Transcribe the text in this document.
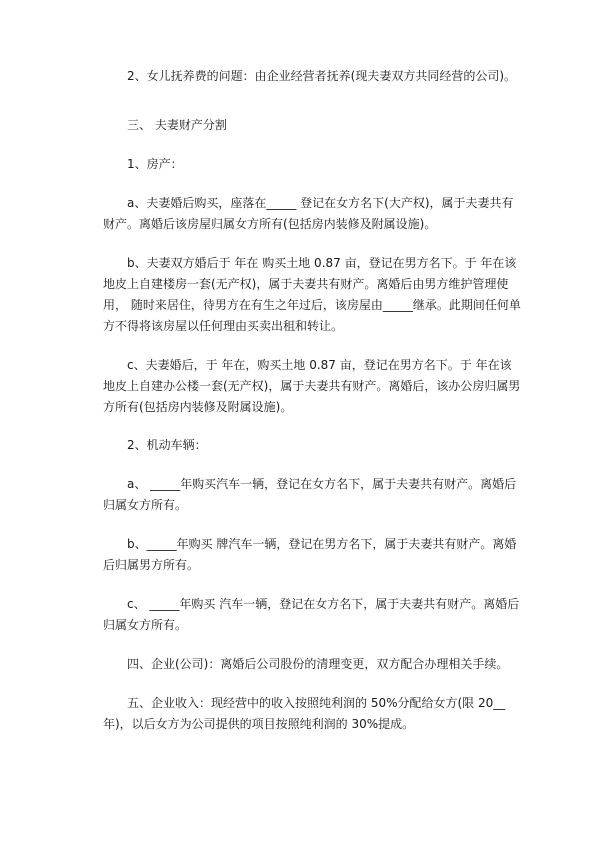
2、女儿抚养费的问题：由企业经营者抚养(现夫妻双方共同经营的公司)。

三、 夫妻财产分割

1、房产：

a、夫妻婚后购买，座落在_____ 登记在女方名下(大产权)，属于夫妻共有财产。离婚后该房屋归属女方所有(包括房内装修及附属设施)。

b、夫妻双方婚后于 年在 购买土地 0.87 亩，登记在男方名下。于 年在该地皮上自建楼房一套(无产权)，属于夫妻共有财产。离婚后由男方维护管理使用， 随时来居住，待男方在有生之年过后，该房屋由_____继承。此期间任何单方不得将该房屋以任何理由买卖出租和转让。

c、夫妻婚后，于 年在，购买土地 0.87 亩，登记在男方名下。于 年在该地皮上自建办公楼一套(无产权)，属于夫妻共有财产。离婚后，该办公房归属男方所有(包括房内装修及附属设施)。

2、机动车辆：

a、 _____年购买汽车一辆，登记在女方名下，属于夫妻共有财产。离婚后归属女方所有。

b、_____年购买 牌汽车一辆，登记在男方名下，属于夫妻共有财产。离婚后归属男方所有。

c、 _____年购买 汽车一辆，登记在女方名下，属于夫妻共有财产。离婚后归属女方所有。

四、企业(公司)：离婚后公司股份的清理变更，双方配合办理相关手续。

五、企业收入：现经营中的收入按照纯利润的 50%分配给女方(限 20__年)，以后女方为公司提供的项目按照纯利润的 30%提成。
